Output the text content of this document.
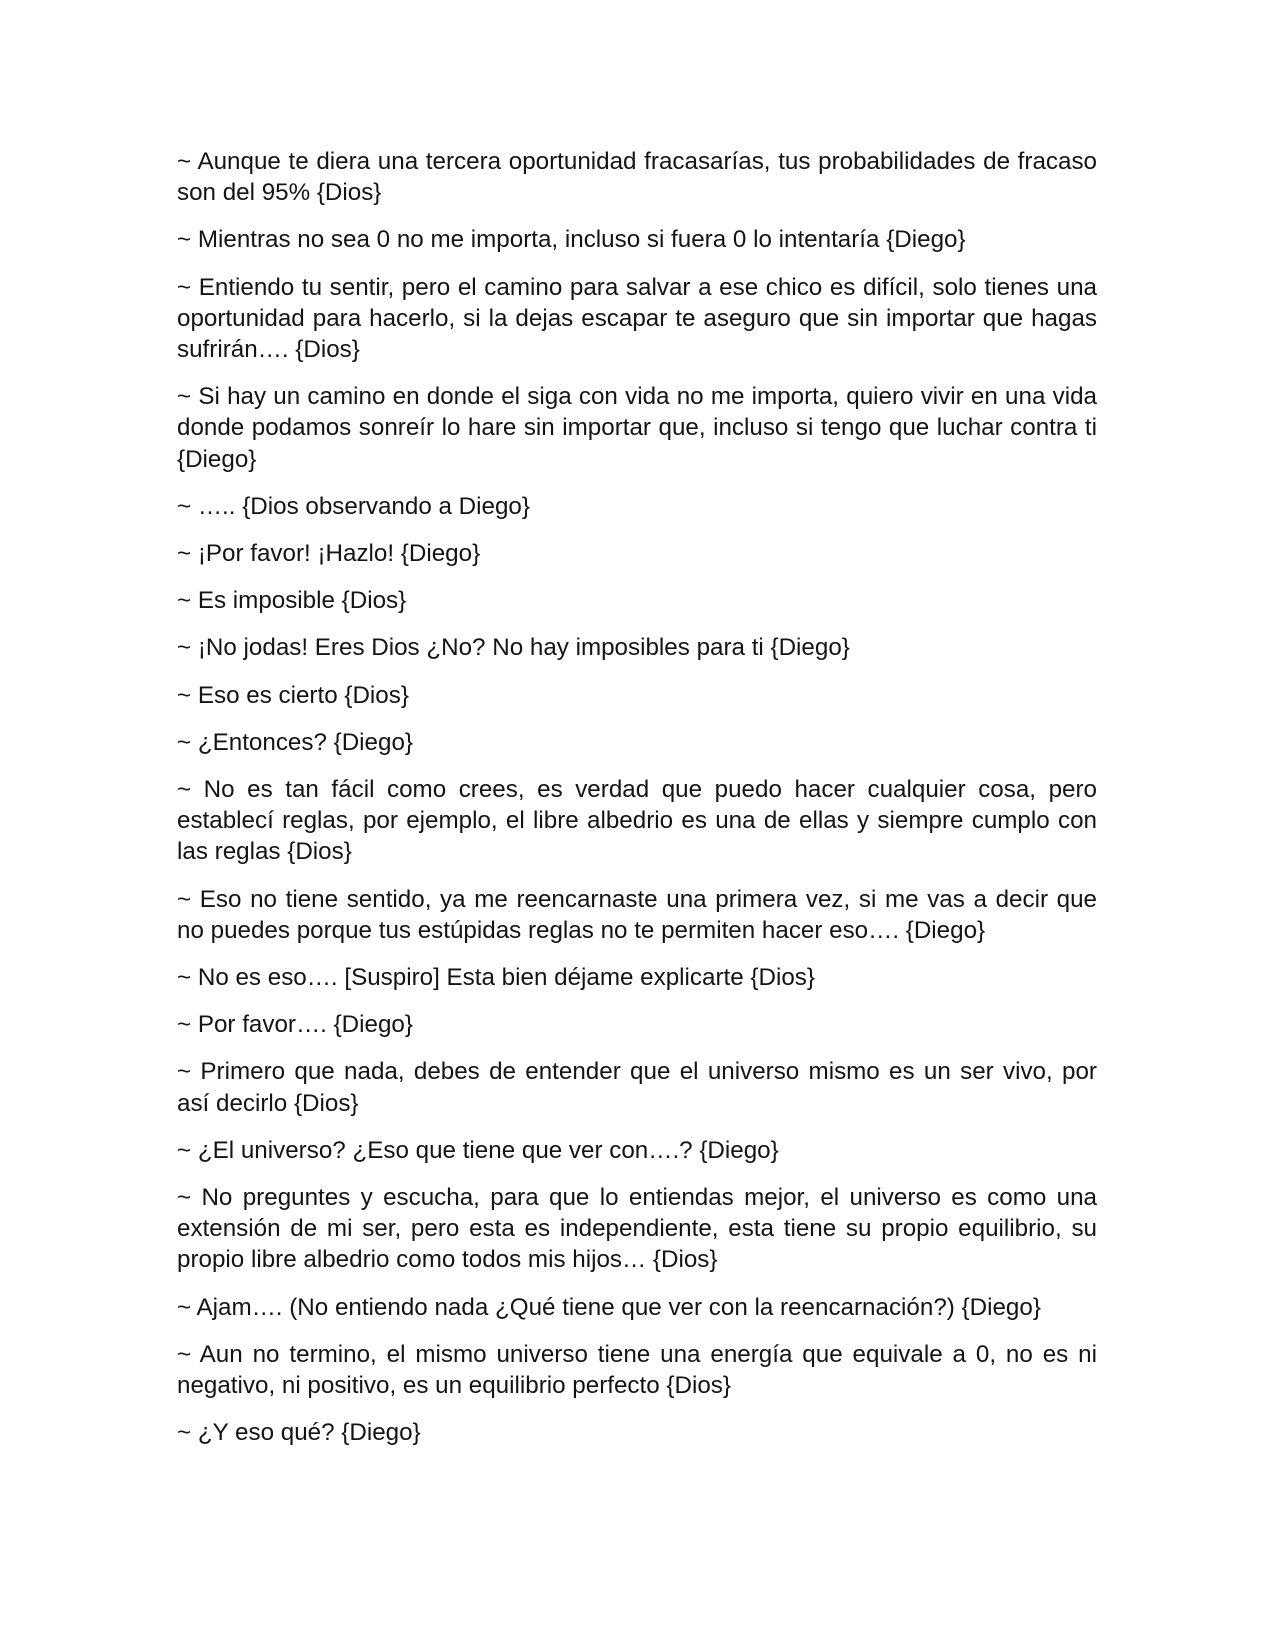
~ Aunque te diera una tercera oportunidad fracasarías, tus probabilidades de fracaso son del 95% {Dios}

~ Mientras no sea 0 no me importa, incluso si fuera 0 lo intentaría {Diego}

~ Entiendo tu sentir, pero el camino para salvar a ese chico es difícil, solo tienes una oportunidad para hacerlo, si la dejas escapar te aseguro que sin importar que hagas sufrirán…. {Dios}

~ Si hay un camino en donde el siga con vida no me importa, quiero vivir en una vida donde podamos sonreír lo hare sin importar que, incluso si tengo que luchar contra ti {Diego}

~ ….. {Dios observando a Diego}

~ ¡Por favor! ¡Hazlo! {Diego}

~ Es imposible {Dios}

~ ¡No jodas! Eres Dios ¿No? No hay imposibles para ti {Diego}

~ Eso es cierto {Dios}

~ ¿Entonces? {Diego}

~ No es tan fácil como crees, es verdad que puedo hacer cualquier cosa, pero establecí reglas, por ejemplo, el libre albedrio es una de ellas y siempre cumplo con las reglas {Dios}

~ Eso no tiene sentido, ya me reencarnaste una primera vez, si me vas a decir que no puedes porque tus estúpidas reglas no te permiten hacer eso…. {Diego}

~ No es eso…. [Suspiro] Esta bien déjame explicarte {Dios}

~ Por favor…. {Diego}

~ Primero que nada, debes de entender que el universo mismo es un ser vivo, por así decirlo {Dios}

~ ¿El universo? ¿Eso que tiene que ver con….? {Diego}

~ No preguntes y escucha, para que lo entiendas mejor, el universo es como una extensión de mi ser, pero esta es independiente, esta tiene su propio equilibrio, su propio libre albedrio como todos mis hijos… {Dios}

~ Ajam…. (No entiendo nada ¿Qué tiene que ver con la reencarnación?) {Diego}

~ Aun no termino, el mismo universo tiene una energía que equivale a 0, no es ni negativo, ni positivo, es un equilibrio perfecto {Dios}

~ ¿Y eso qué? {Diego}
